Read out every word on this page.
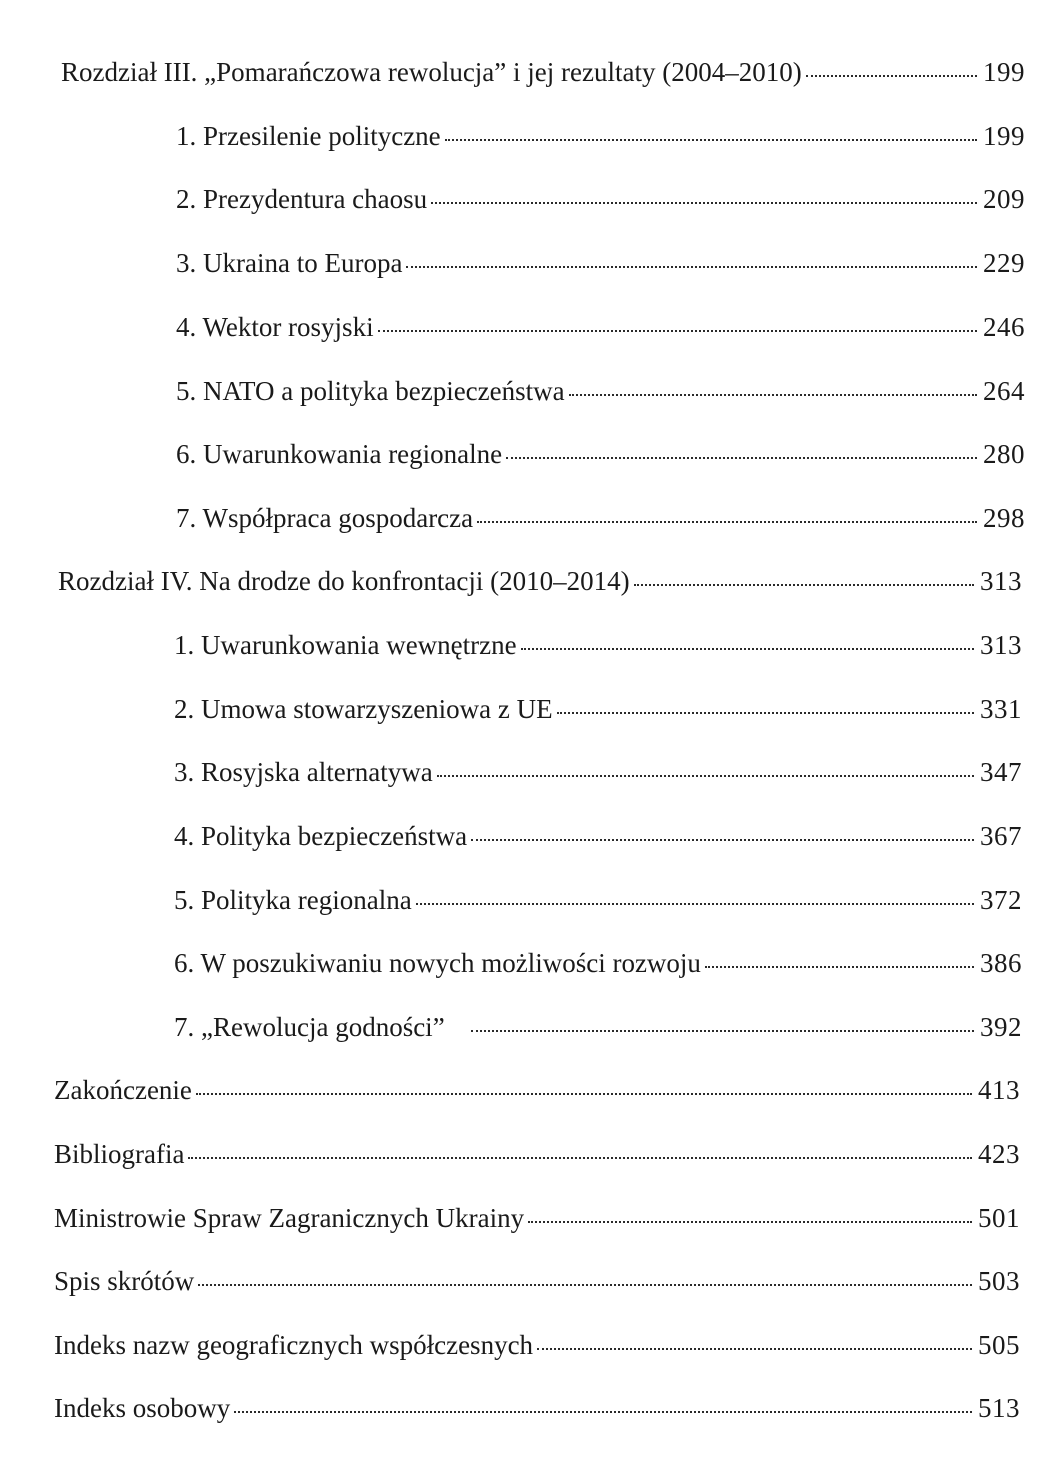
Rozdział III. „Pomarańczowa rewolucja” i jej rezultaty (2004–2010)	199
1. Przesilenie polityczne	199
2. Prezydentura chaosu	209
3. Ukraina to Europa	229
4. Wektor rosyjski	246
5. NATO a polityka bezpieczeństwa	264
6. Uwarunkowania regionalne	280
7. Współpraca gospodarcza	298
Rozdział IV. Na drodze do konfrontacji (2010–2014)	313
1. Uwarunkowania wewnętrzne	313
2. Umowa stowarzyszeniowa z UE	331
3. Rosyjska alternatywa	347
4. Polityka bezpieczeństwa	367
5. Polityka regionalna	372
6. W poszukiwaniu nowych możliwości rozwoju	386
7. „Rewolucja godności”	392
Zakończenie	413
Bibliografia	423
Ministrowie Spraw Zagranicznych Ukrainy	501
Spis skrótów	503
Indeks nazw geograficznych współczesnych	505
Indeks osobowy	513
